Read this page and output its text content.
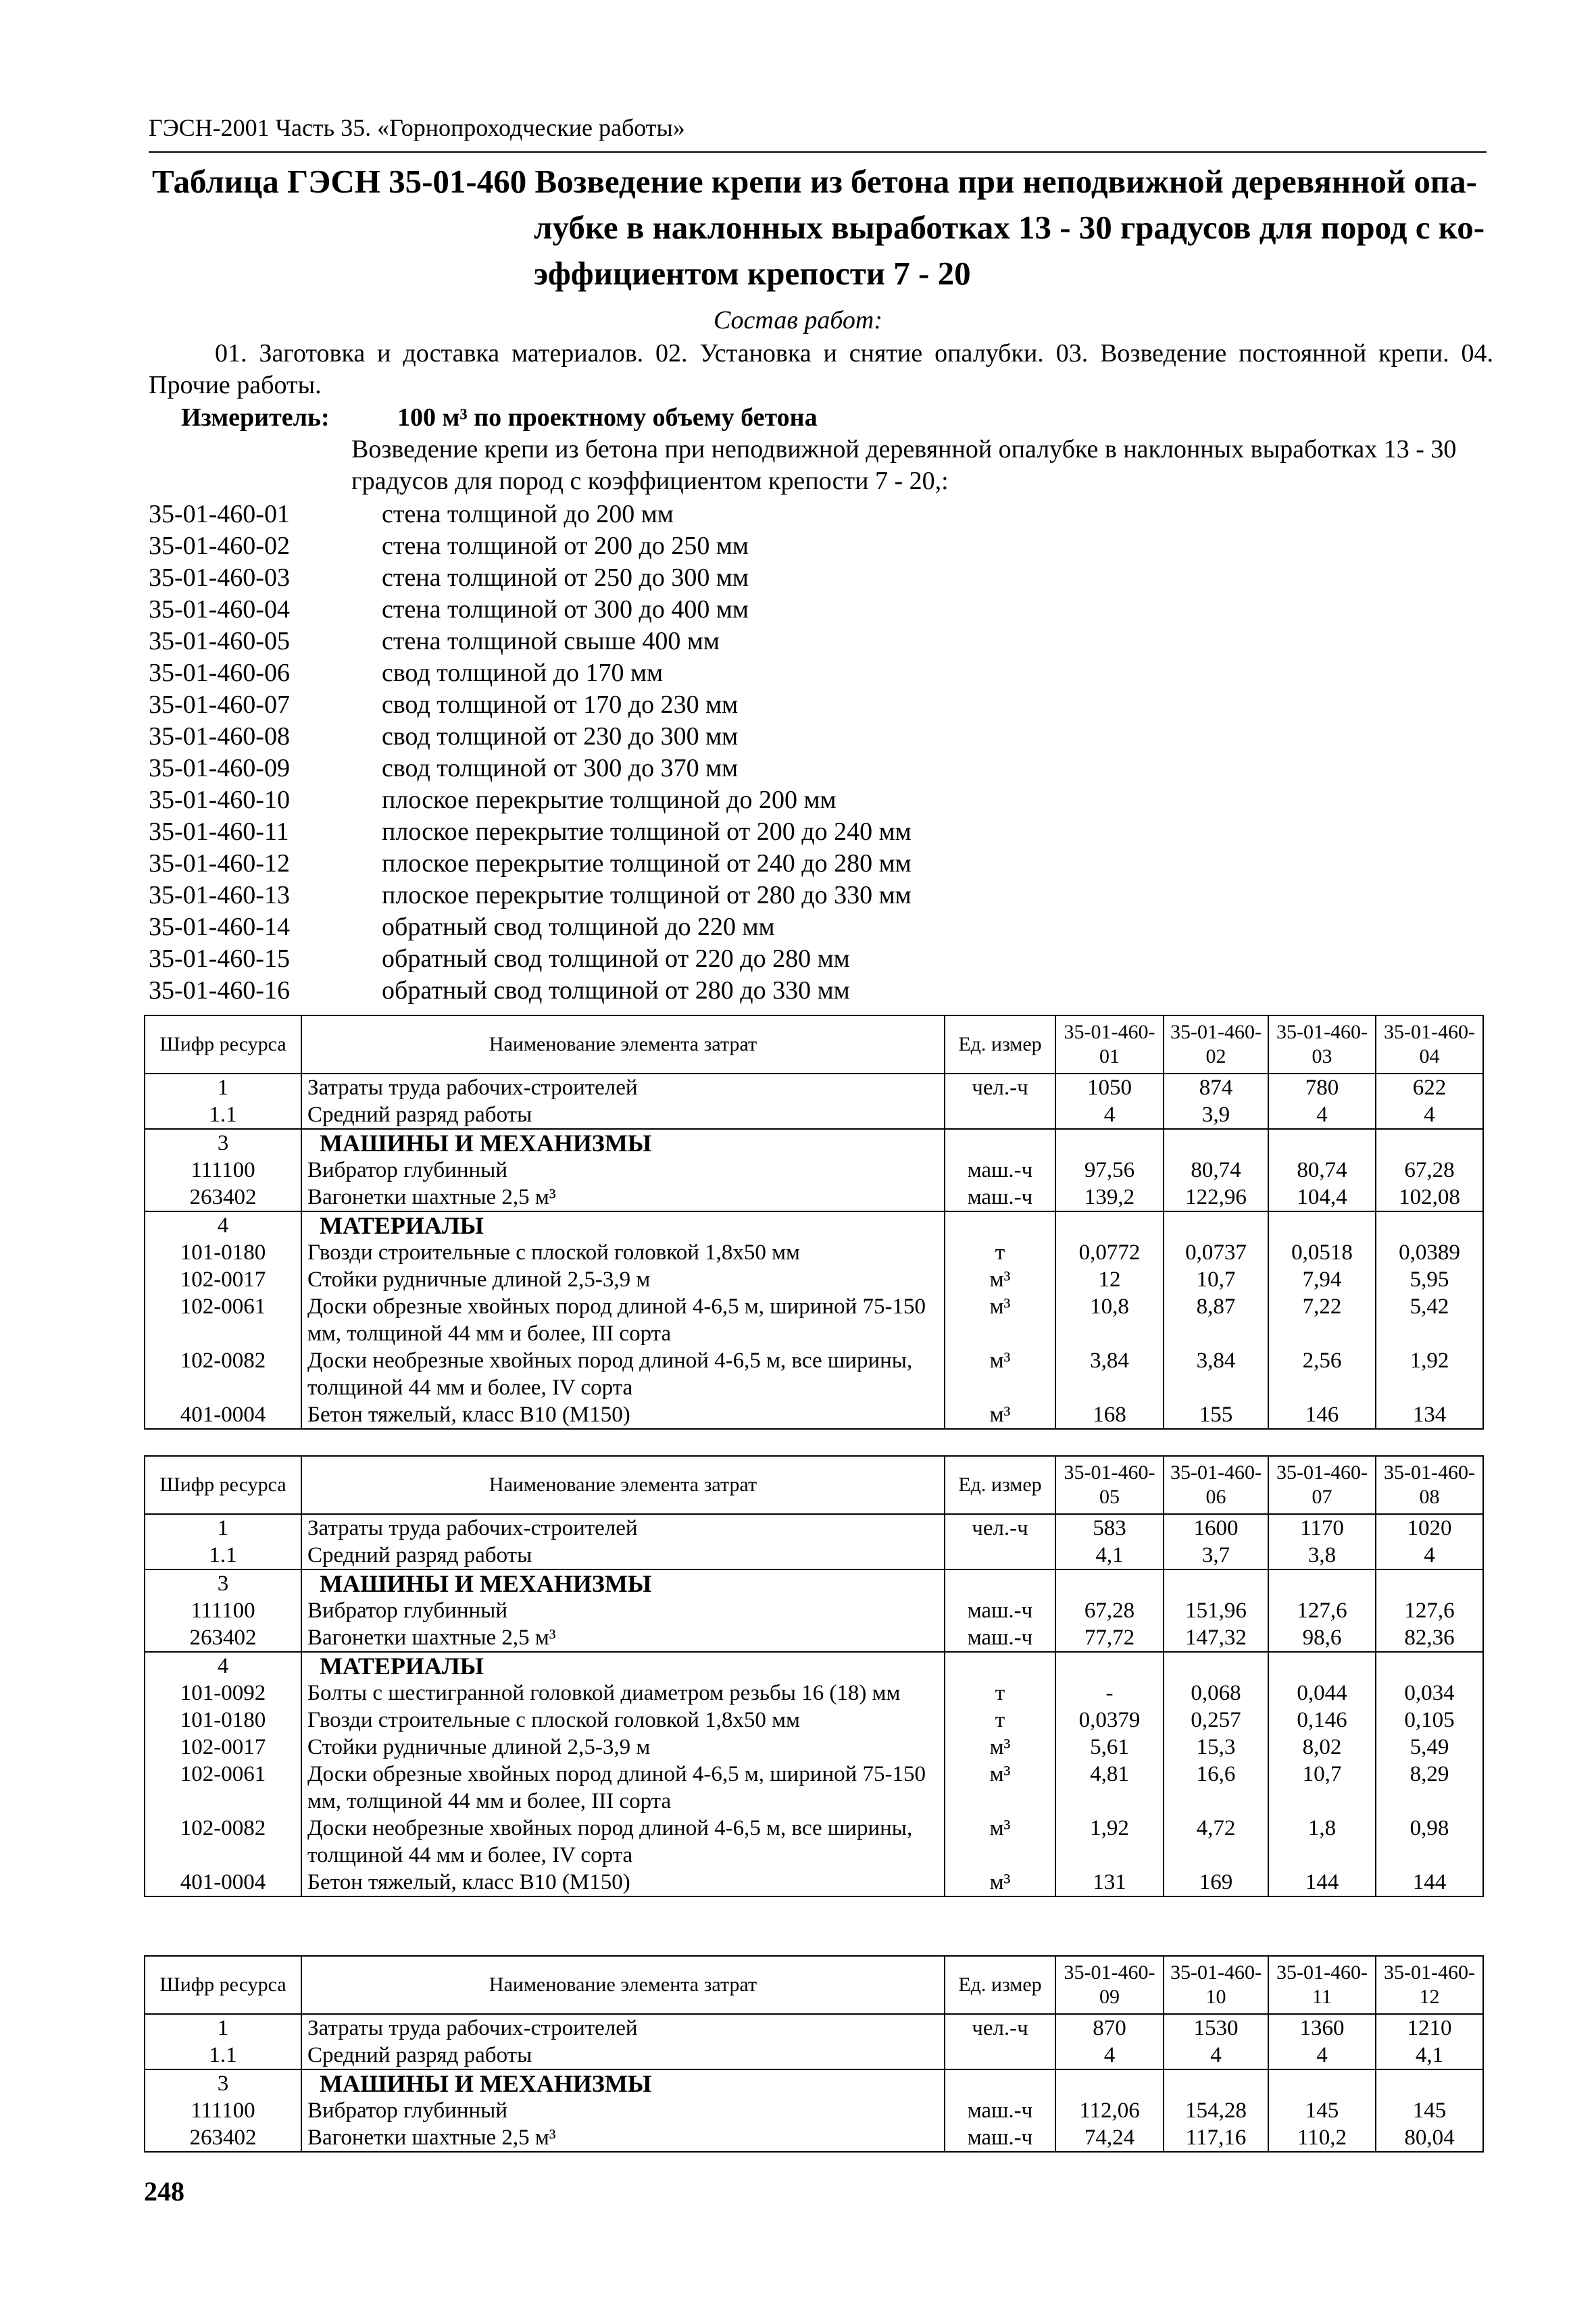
ГЭСН-2001 Часть 35. «Горнопроходческие работы»
Таблица ГЭСН 35-01-460 Возведение крепи из бетона при неподвижной деревянной опа-
лубке в наклонных выработках 13 - 30 градусов для пород с ко-эффициентом крепости 7 - 20
Состав работ:
01. Заготовка и доставка материалов. 02. Установка и снятие опалубки. 03. Возведение постоянной крепи. 04. Прочие работы.
Измеритель:	100 м³ по проектному объему бетона
Возведение крепи из бетона при неподвижной деревянной опалубке в наклонных выработках 13 - 30 градусов для пород с коэффициентом крепости 7 - 20,:
35-01-460-01	стена толщиной до 200 мм
35-01-460-02	стена толщиной от 200 до 250 мм
35-01-460-03	стена толщиной от 250 до 300 мм
35-01-460-04	стена толщиной от 300 до 400 мм
35-01-460-05	стена толщиной свыше 400 мм
35-01-460-06	свод толщиной до 170 мм
35-01-460-07	свод толщиной от 170 до 230 мм
35-01-460-08	свод толщиной от 230 до 300 мм
35-01-460-09	свод толщиной от 300 до 370 мм
35-01-460-10	плоское перекрытие толщиной до 200 мм
35-01-460-11	плоское перекрытие толщиной от 200 до 240 мм
35-01-460-12	плоское перекрытие толщиной от 240 до 280 мм
35-01-460-13	плоское перекрытие толщиной от 280 до 330 мм
35-01-460-14	обратный свод толщиной до 220 мм
35-01-460-15	обратный свод толщиной от 220 до 280 мм
35-01-460-16	обратный свод толщиной от 280 до 330 мм
Шифр ресурса	Наименование элемента затрат	Ед. измер	35-01-460-01	35-01-460-02	35-01-460-03	35-01-460-04
1	Затраты труда рабочих-строителей	чел.-ч	1050	874	780	622
1.1	Средний разряд работы		4	3,9	4	4
3	МАШИНЫ И МЕХАНИЗМЫ					
111100	Вибратор глубинный	маш.-ч	97,56	80,74	80,74	67,28
263402	Вагонетки шахтные 2,5 м³	маш.-ч	139,2	122,96	104,4	102,08
4	МАТЕРИАЛЫ					
101-0180	Гвозди строительные с плоской головкой 1,8х50 мм	т	0,0772	0,0737	0,0518	0,0389
102-0017	Стойки рудничные длиной 2,5-3,9 м	м³	12	10,7	7,94	5,95
102-0061	Доски обрезные хвойных пород длиной 4-6,5 м, шириной 75-150 мм, толщиной 44 мм и более, III сорта	м³	10,8	8,87	7,22	5,42
102-0082	Доски необрезные хвойных пород длиной 4-6,5 м, все ширины, толщиной 44 мм и более, IV сорта	м³	3,84	3,84	2,56	1,92
401-0004	Бетон тяжелый, класс В10 (М150)	м³	168	155	146	134
Шифр ресурса	Наименование элемента затрат	Ед. измер	35-01-460-05	35-01-460-06	35-01-460-07	35-01-460-08
1	Затраты труда рабочих-строителей	чел.-ч	583	1600	1170	1020
1.1	Средний разряд работы		4,1	3,7	3,8	4
3	МАШИНЫ И МЕХАНИЗМЫ					
111100	Вибратор глубинный	маш.-ч	67,28	151,96	127,6	127,6
263402	Вагонетки шахтные 2,5 м³	маш.-ч	77,72	147,32	98,6	82,36
4	МАТЕРИАЛЫ					
101-0092	Болты с шестигранной головкой диаметром резьбы 16 (18) мм	т	-	0,068	0,044	0,034
101-0180	Гвозди строительные с плоской головкой 1,8х50 мм	т	0,0379	0,257	0,146	0,105
102-0017	Стойки рудничные длиной 2,5-3,9 м	м³	5,61	15,3	8,02	5,49
102-0061	Доски обрезные хвойных пород длиной 4-6,5 м, шириной 75-150 мм, толщиной 44 мм и более, III сорта	м³	4,81	16,6	10,7	8,29
102-0082	Доски необрезные хвойных пород длиной 4-6,5 м, все ширины, толщиной 44 мм и более, IV сорта	м³	1,92	4,72	1,8	0,98
401-0004	Бетон тяжелый, класс В10 (М150)	м³	131	169	144	144
Шифр ресурса	Наименование элемента затрат	Ед. измер	35-01-460-09	35-01-460-10	35-01-460-11	35-01-460-12
1	Затраты труда рабочих-строителей	чел.-ч	870	1530	1360	1210
1.1	Средний разряд работы		4	4	4	4,1
3	МАШИНЫ И МЕХАНИЗМЫ					
111100	Вибратор глубинный	маш.-ч	112,06	154,28	145	145
263402	Вагонетки шахтные 2,5 м³	маш.-ч	74,24	117,16	110,2	80,04
248
